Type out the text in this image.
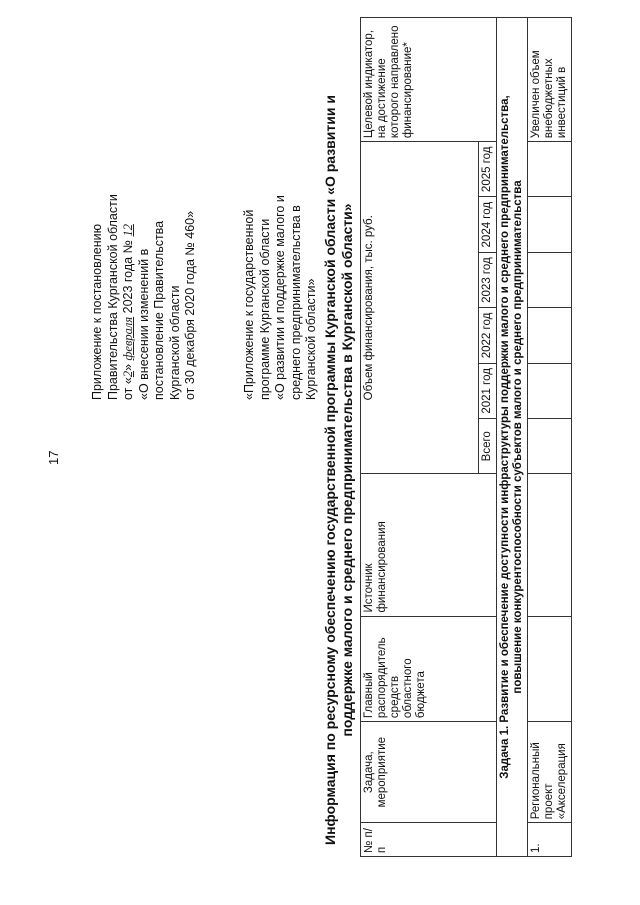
17
Приложение к постановлению Правительства Курганской области от «2» февраля 2023 года № 12
«О внесении изменений в постановление Правительства Курганской области от 30 декабря 2020 года № 460»	«Приложение к государственной программе Курганской области «О развитии и поддержке малого и среднего предпринимательства в Курганской области» Информация по ресурсному обеспечению государственной программы Курганской области «О развитии и поддержке малого и среднего предпринимательства в Курганской области»
№ п/п	Задача, мероприятие	Главный распорядитель средств областного бюджета	Источник финансирования	Объем финансирования, тыс. руб.						Целевой индикатор, на достижение которого направлено финансирование*
				Всего	2021 год	2022 год	2023 год	2024 год	2025 год	

Задача 1. Развитие и обеспечение доступности инфраструктуры поддержки малого и среднего предпринимательства, повышение конкурентоспособности субъектов малого и среднего предпринимательства										

1.	Региональный проект «Акселерация									Увеличен объем внебюджетных инвестиций в
